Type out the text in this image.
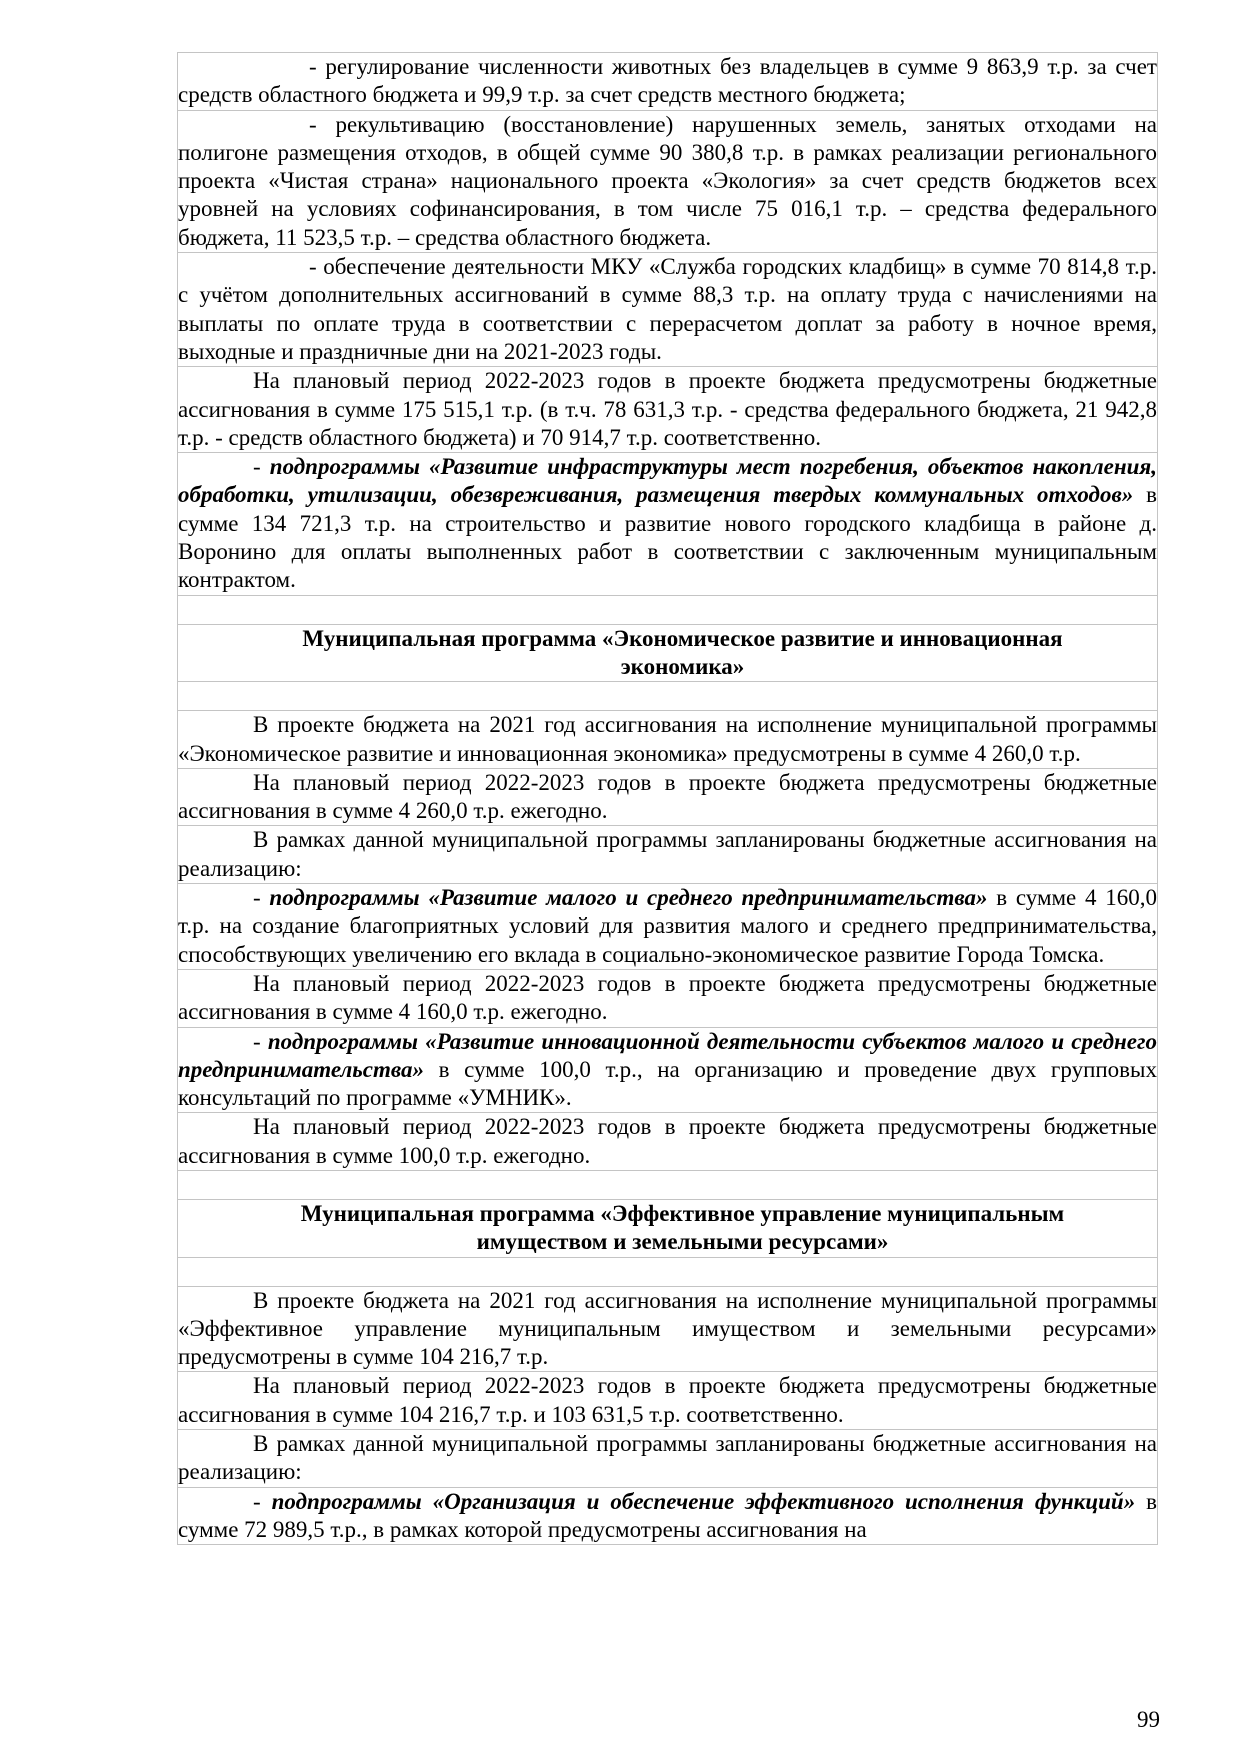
- регулирование численности животных без владельцев в сумме 9 863,9 т.р. за счет средств областного бюджета и 99,9 т.р. за счет средств местного бюджета;

- рекультивацию (восстановление) нарушенных земель, занятых отходами на полигоне размещения отходов, в общей сумме 90 380,8 т.р. в рамках реализации регионального проекта «Чистая страна» национального проекта «Экология» за счет средств бюджетов всех уровней на условиях софинансирования, в том числе 75 016,1 т.р. – средства федерального бюджета, 11 523,5 т.р. – средства областного бюджета.

- обеспечение деятельности МКУ «Служба городских кладбищ» в сумме 70 814,8 т.р. с учётом дополнительных ассигнований в сумме 88,3 т.р. на оплату труда с начислениями на выплаты по оплате труда в соответствии с перерасчетом доплат за работу в ночное время, выходные и праздничные дни на 2021-2023 годы.

На плановый период 2022-2023 годов в проекте бюджета предусмотрены бюджетные ассигнования в сумме 175 515,1 т.р. (в т.ч. 78 631,3 т.р. - средства федерального бюджета, 21 942,8 т.р. - средств областного бюджета) и 70 914,7 т.р. соответственно.

- подпрограммы «Развитие инфраструктуры мест погребения, объектов накопления, обработки, утилизации, обезвреживания, размещения твердых коммунальных отходов» в сумме 134 721,3 т.р. на строительство и развитие нового городского кладбища в районе д. Воронино для оплаты выполненных работ в соответствии с заключенным муниципальным контрактом.

Муниципальная программа «Экономическое развитие и инновационная экономика»

В проекте бюджета на 2021 год ассигнования на исполнение муниципальной программы «Экономическое развитие и инновационная экономика» предусмотрены в сумме 4 260,0 т.р.

На плановый период 2022-2023 годов в проекте бюджета предусмотрены бюджетные ассигнования в сумме 4 260,0 т.р. ежегодно.

В рамках данной муниципальной программы запланированы бюджетные ассигнования на реализацию:

- подпрограммы «Развитие малого и среднего предпринимательства» в сумме 4 160,0 т.р. на создание благоприятных условий для развития малого и среднего предпринимательства, способствующих увеличению его вклада в социально-экономическое развитие Города Томска.

На плановый период 2022-2023 годов в проекте бюджета предусмотрены бюджетные ассигнования в сумме 4 160,0 т.р. ежегодно.

- подпрограммы «Развитие инновационной деятельности субъектов малого и среднего предпринимательства» в сумме 100,0 т.р., на организацию и проведение двух групповых консультаций по программе «УМНИК».

На плановый период 2022-2023 годов в проекте бюджета предусмотрены бюджетные ассигнования в сумме 100,0 т.р. ежегодно.

Муниципальная программа «Эффективное управление муниципальным имуществом и земельными ресурсами»

В проекте бюджета на 2021 год ассигнования на исполнение муниципальной программы «Эффективное управление муниципальным имуществом и земельными ресурсами» предусмотрены в сумме 104 216,7 т.р.

На плановый период 2022-2023 годов в проекте бюджета предусмотрены бюджетные ассигнования в сумме 104 216,7 т.р. и 103 631,5 т.р. соответственно.

В рамках данной муниципальной программы запланированы бюджетные ассигнования на реализацию:

- подпрограммы «Организация и обеспечение эффективного исполнения функций» в сумме 72 989,5 т.р., в рамках которой предусмотрены ассигнования на

99
